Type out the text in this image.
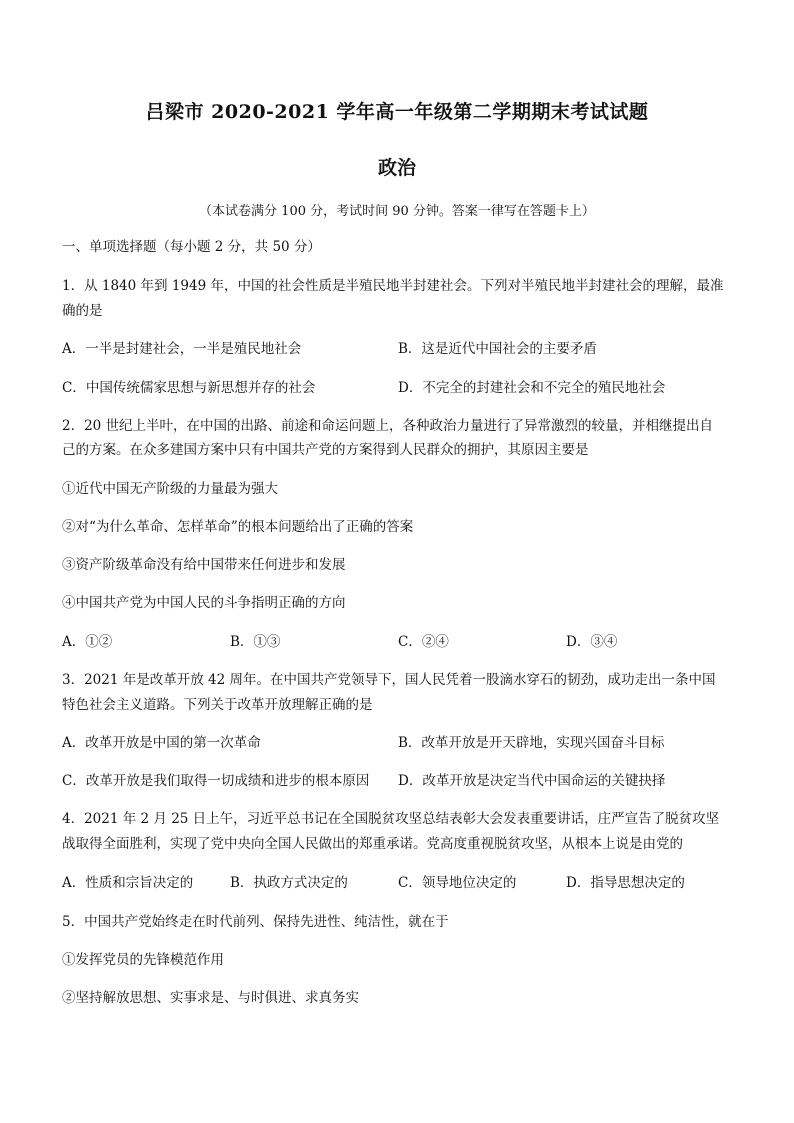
吕梁市 2020-2021 学年高一年级第二学期期末考试试题
政治
（本试卷满分 100 分，考试时间 90 分钟。答案一律写在答题卡上）
一、单项选择题（每小题 2 分，共 50 分）
1．从 1840 年到 1949 年，中国的社会性质是半殖民地半封建社会。下列对半殖民地半封建社会的理解，最准
确的是
A．一半是封建社会，一半是殖民地社会	B．这是近代中国社会的主要矛盾
C．中国传统儒家思想与新思想并存的社会	D．不完全的封建社会和不完全的殖民地社会
2．20 世纪上半叶，在中国的出路、前途和命运问题上，各种政治力量进行了异常激烈的较量，并相继提出自
己的方案。在众多建国方案中只有中国共产党的方案得到人民群众的拥护，其原因主要是
①近代中国无产阶级的力量最为强大
②对“为什么革命、怎样革命”的根本问题给出了正确的答案
③资产阶级革命没有给中国带来任何进步和发展
④中国共产党为中国人民的斗争指明正确的方向
A．①②	B．①③	C．②④	D．③④
3．2021 年是改革开放 42 周年。在中国共产党领导下，国人民凭着一股滴水穿石的韧劲，成功走出一条中国
特色社会主义道路。下列关于改革开放理解正确的是
A．改革开放是中国的第一次革命	B．改革开放是开天辟地，实现兴国奋斗目标
C．改革开放是我们取得一切成绩和进步的根本原因 D．改革开放是决定当代中国命运的关键抉择
4．2021 年 2 月 25 日上午，习近平总书记在全国脱贫攻坚总结表彰大会发表重要讲话，庄严宣告了脱贫攻坚
战取得全面胜利，实现了党中央向全国人民做出的郑重承诺。党高度重视脱贫攻坚，从根本上说是由党的
A．性质和宗旨决定的	B．执政方式决定的	C．领导地位决定的	D．指导思想决定的
5．中国共产党始终走在时代前列、保持先进性、纯洁性，就在于
①发挥党员的先锋模范作用
②坚持解放思想、实事求是、与时俱进、求真务实
